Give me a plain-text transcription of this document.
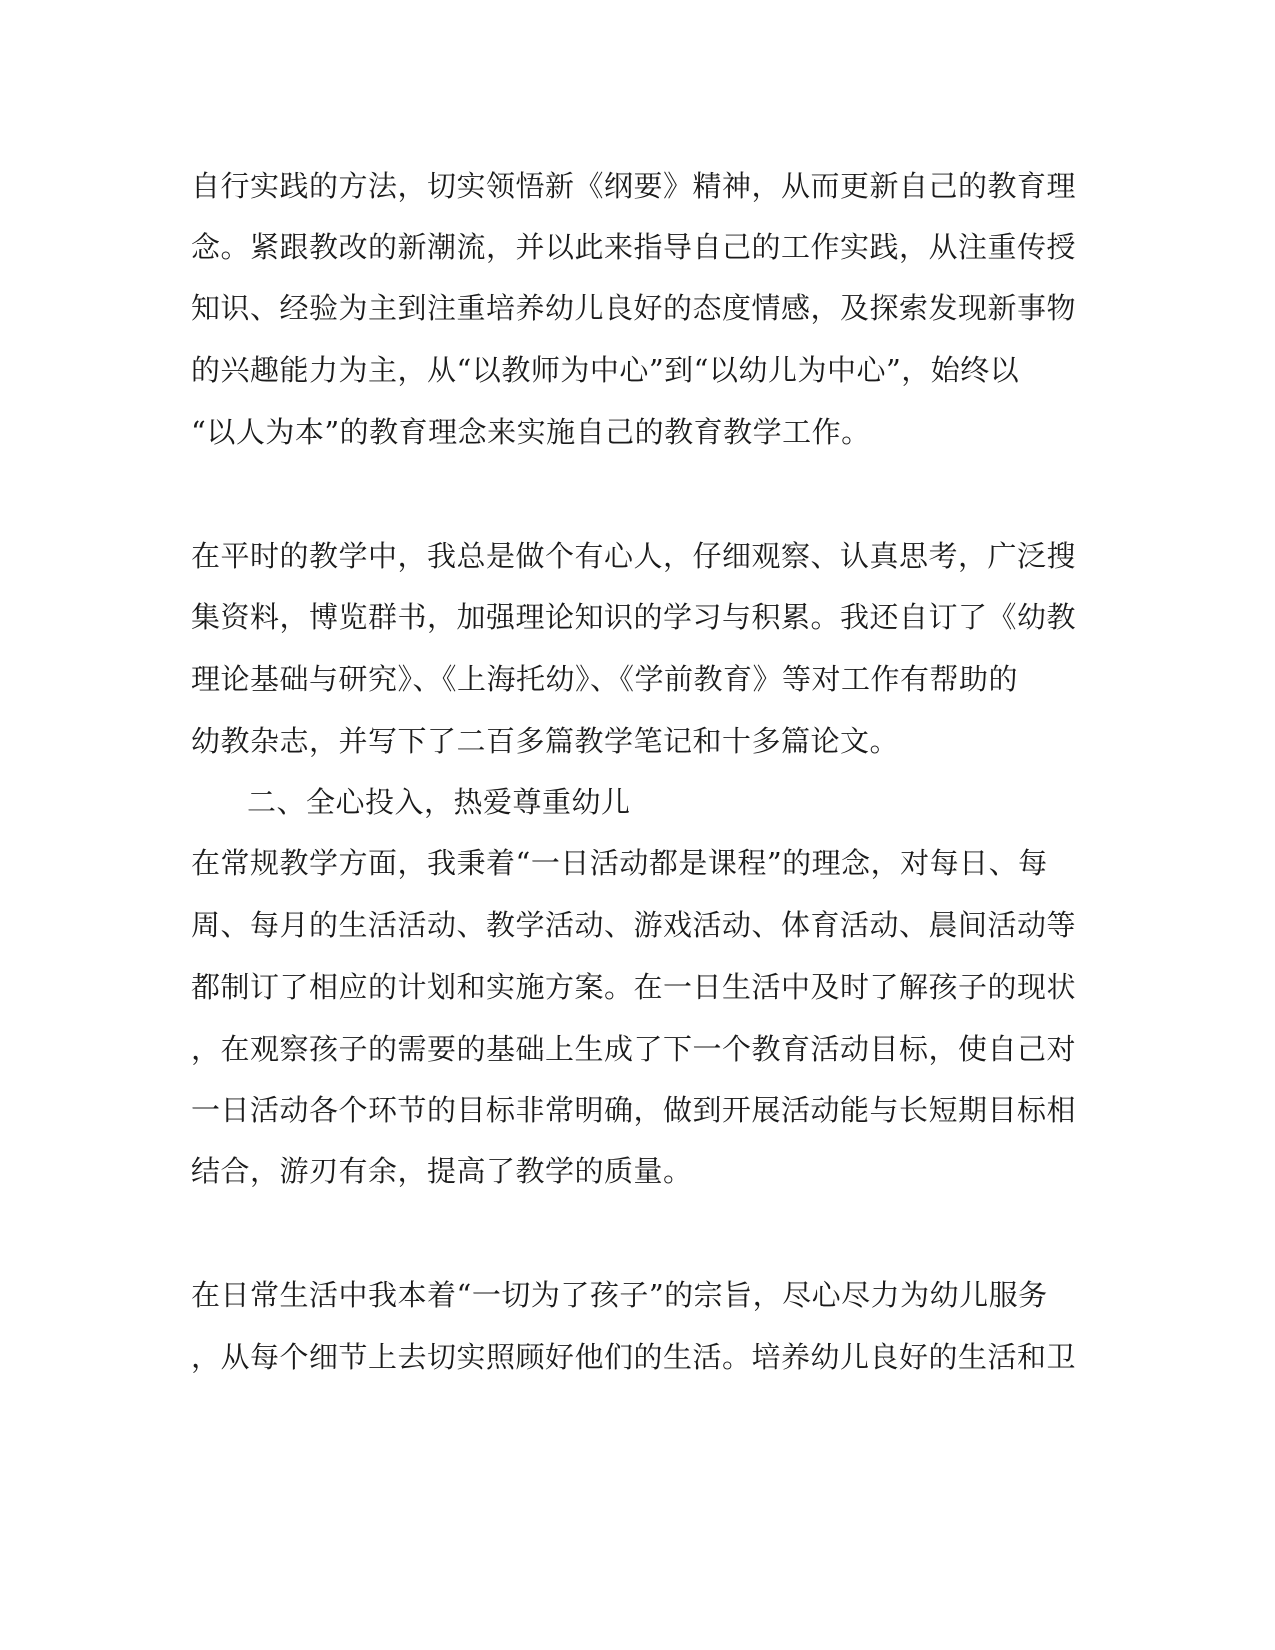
自行实践的方法，切实领悟新《纲要》精神，从而更新自己的教育理
念。紧跟教改的新潮流，并以此来指导自己的工作实践，从注重传授
知识、经验为主到注重培养幼儿良好的态度情感，及探索发现新事物
的兴趣能力为主，从“以教师为中心”到“以幼儿为中心”，始终以
“以人为本”的教育理念来实施自己的教育教学工作。
在平时的教学中，我总是做个有心人，仔细观察、认真思考，广泛搜
集资料，博览群书，加强理论知识的学习与积累。我还自订了《幼教
理论基础与研究》、《上海托幼》、《学前教育》等对工作有帮助的
幼教杂志，并写下了二百多篇教学笔记和十多篇论文。
二、全心投入，热爱尊重幼儿
在常规教学方面，我秉着“一日活动都是课程”的理念，对每日、每
周、每月的生活活动、教学活动、游戏活动、体育活动、晨间活动等
都制订了相应的计划和实施方案。在一日生活中及时了解孩子的现状
，在观察孩子的需要的基础上生成了下一个教育活动目标，使自己对
一日活动各个环节的目标非常明确，做到开展活动能与长短期目标相
结合，游刃有余，提高了教学的质量。
在日常生活中我本着“一切为了孩子”的宗旨，尽心尽力为幼儿服务
，从每个细节上去切实照顾好他们的生活。培养幼儿良好的生活和卫
